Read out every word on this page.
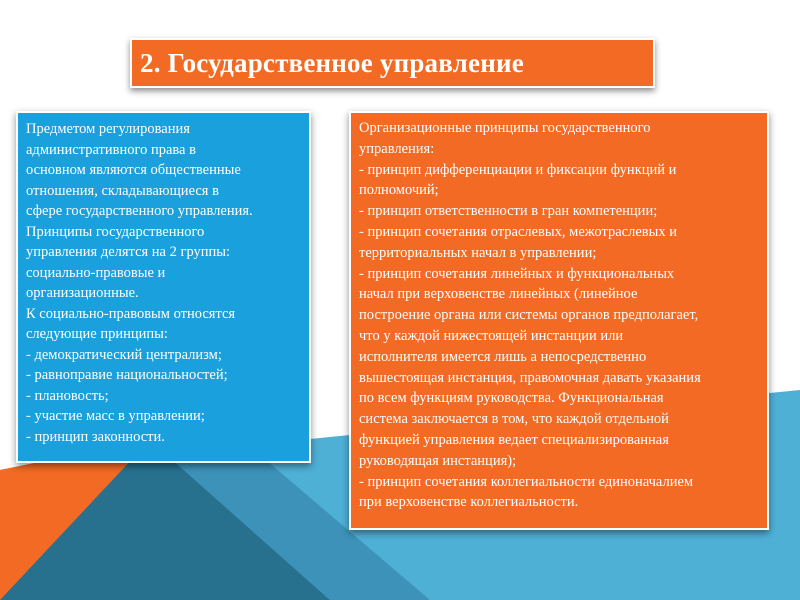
2. Государственное управление
Предметом регулирования
административного права в
основном являются общественные
отношения, складывающиеся в
сфере государственного управления.
Принципы государственного
управления делятся на 2 группы:
социально-правовые и
организационные.
К социально-правовым относятся
следующие принципы:
- демократический централизм;
- равноправие национальностей;
- плановость;
- участие масс в управлении;
- принцип законности.
Организационные принципы государственного
управления:
- принцип дифференциации и фиксации функций и
полномочий;
- принцип ответственности в гран компетенции;
- принцип сочетания отраслевых, межотраслевых и
территориальных начал в управлении;
- принцип сочетания линейных и функциональных
начал при верховенстве линейных (линейное
построение органа или системы органов предполагает,
что у каждой нижестоящей инстанции или
исполнителя имеется лишь а непосредственно
вышестоящая инстанция, правомочная давать указания
по всем функциям руководства. Функциональная
система заключается в том, что каждой отдельной
функцией управления ведает специализированная
руководящая инстанция);
- принцип сочетания коллегиальности единоначалием
при верховенстве коллегиальности.
